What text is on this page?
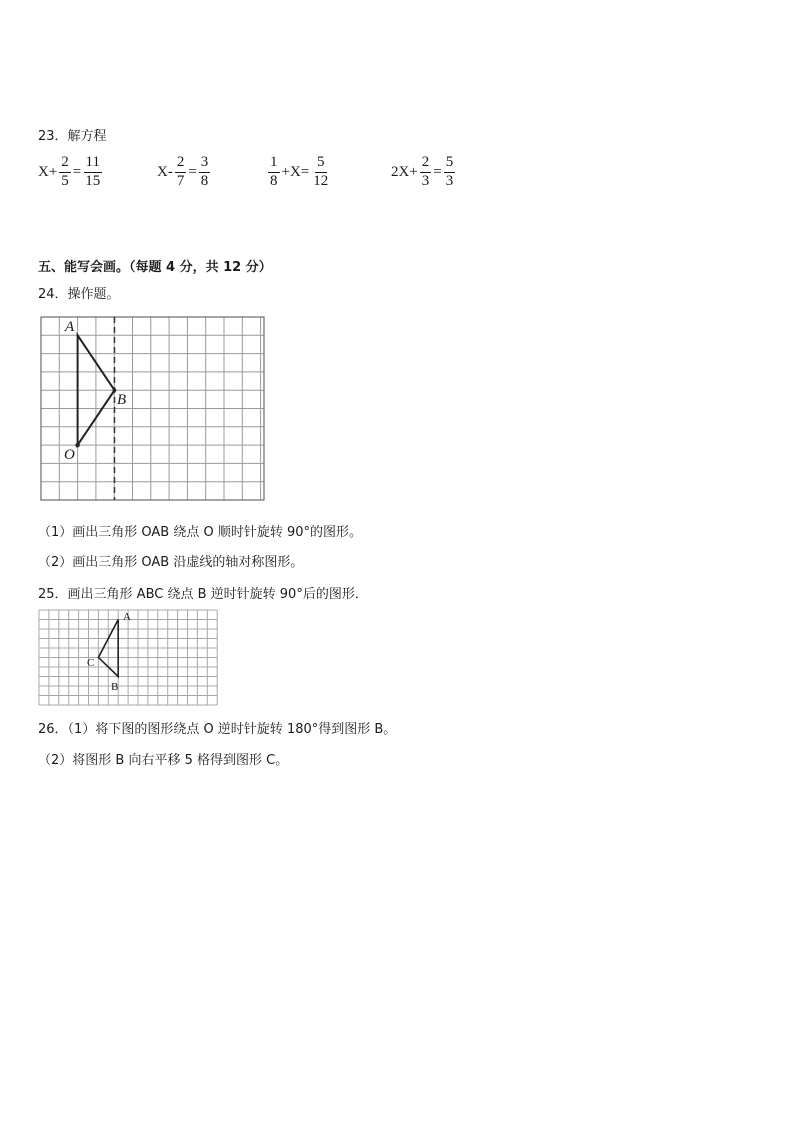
23．解方程
$X+ \frac{2}{5} = \frac{11}{15}$	$X- \frac{2}{7} = \frac{3}{8}$	$\frac{1}{8} +X= \frac{5}{12}$	$2X+ \frac{2}{3} = \frac{5}{3}$
五、能写会画。（每题 4 分，共 12 分）
24．操作题。
A
B
O
（1）画出三角形 OAB 绕点 O 顺时针旋转 90°的图形。
（2）画出三角形 OAB 沿虚线的轴对称图形。
25．画出三角形 ABC 绕点 B 逆时针旋转 90°后的图形．
A
C
B
26．（1）将下图的图形绕点 O 逆时针旋转 180°得到图形 B。
（2）将图形 B 向右平移 5 格得到图形 C。
